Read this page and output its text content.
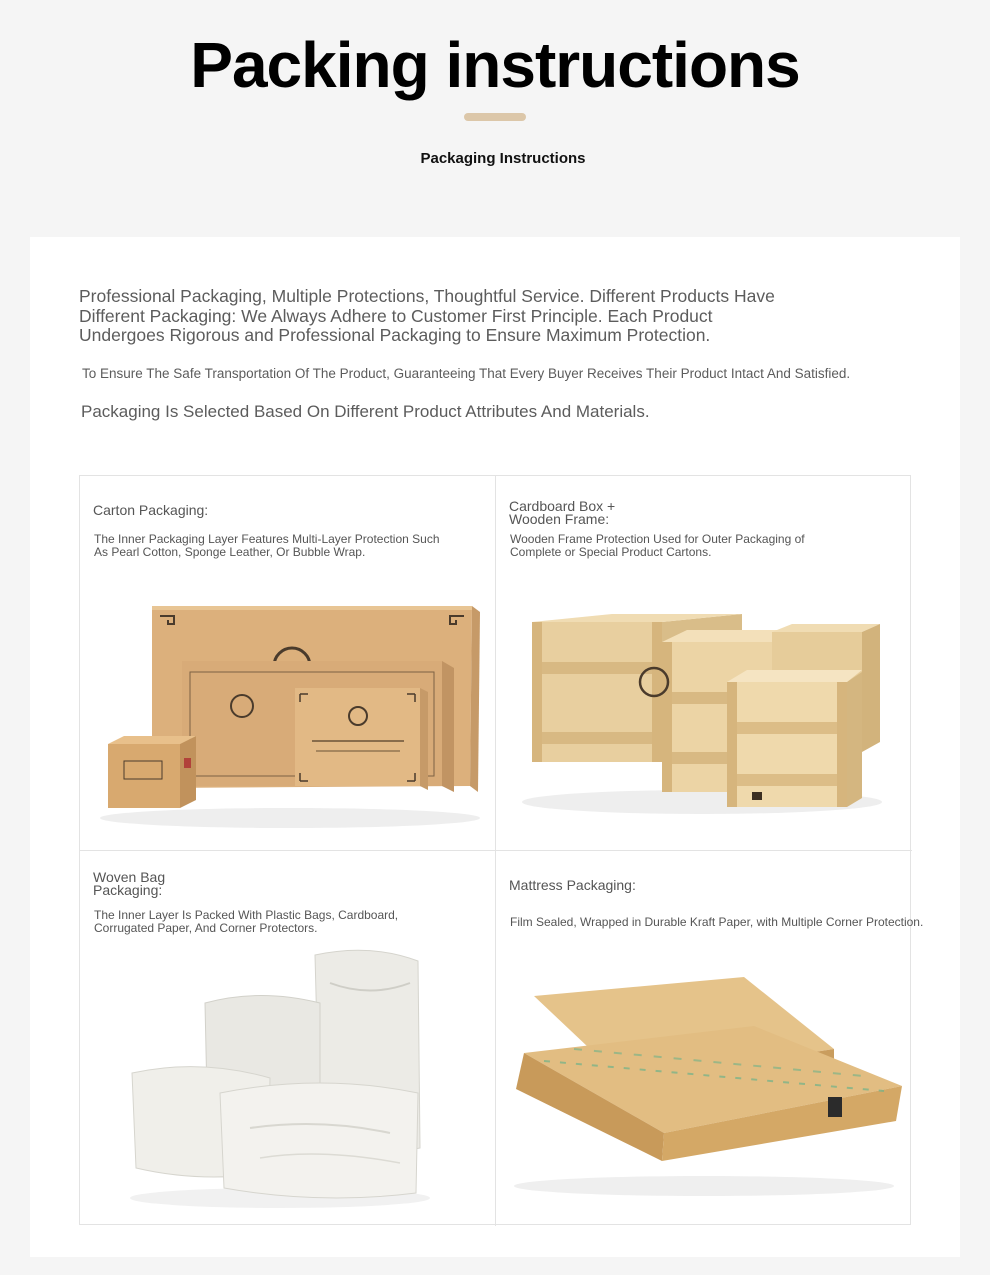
Packing instructions
Packaging Instructions

Professional Packaging, Multiple Protections, Thoughtful Service. Different Products Have Different Packaging: We Always Adhere to Customer First Principle. Each Product Undergoes Rigorous and Professional Packaging to Ensure Maximum Protection.

To Ensure The Safe Transportation Of The Product, Guaranteeing That Every Buyer Receives Their Product Intact And Satisfied.

Packaging Is Selected Based On Different Product Attributes And Materials.

Carton Packaging:

The Inner Packaging Layer Features Multi-Layer Protection Such As Pearl Cotton, Sponge Leather, Or Bubble Wrap.

Cardboard Box + Wooden Frame:

Wooden Frame Protection Used for Outer Packaging of Complete or Special Product Cartons.

Woven Bag Packaging:

The Inner Layer Is Packed With Plastic Bags, Cardboard, Corrugated Paper, And Corner Protectors.

Mattress Packaging:

Film Sealed, Wrapped in Durable Kraft Paper, with Multiple Corner Protection.
